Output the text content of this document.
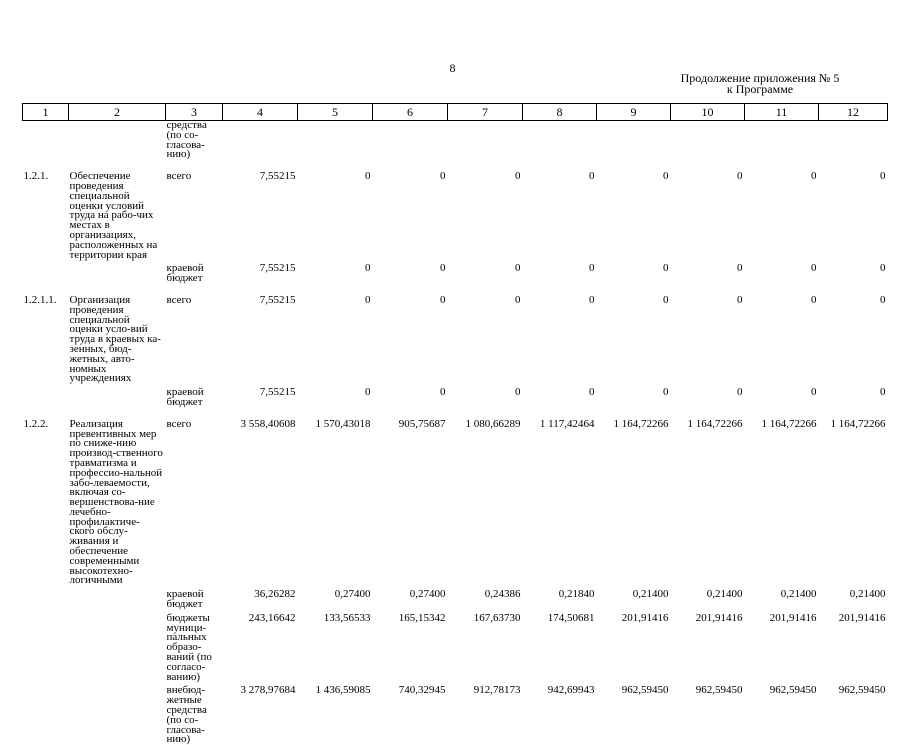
8
Продолжение приложения № 5
к Программе
1	2	3	4	5	6	7	8	9	10	11	12
		средства (по со-гласова-нию)									
1.2.1.	Обеспечение проведения специальной оценки условий труда на рабо-чих местах в организациях, расположенных на территории края	всего	7,55215	0	0	0	0	0	0	0	0
		краевой бюджет	7,55215	0	0	0	0	0	0	0	0
1.2.1.1.	Организация проведения специальной оценки усло-вий труда в краевых ка-зенных, бюд-жетных, авто-номных учреждениях	всего	7,55215	0	0	0	0	0	0	0	0
		краевой бюджет	7,55215	0	0	0	0	0	0	0	0
1.2.2.	Реализация превентивных мер по сниже-нию производ-ственного травматизма и профессио-нальной забо-леваемости, включая со-вершенствова-ние лечебно-профилактиче-ского обслу-живания и обеспечение современными высокотехно-логичными	всего	3 558,40608	1 570,43018	905,75687	1 080,66289	1 117,42464	1 164,72266	1 164,72266	1 164,72266	1 164,72266
		краевой бюджет	36,26282	0,27400	0,27400	0,24386	0,21840	0,21400	0,21400	0,21400	0,21400
		бюджеты муници-пальных образо-ваний (по согласо-ванию)	243,16642	133,56533	165,15342	167,63730	174,50681	201,91416	201,91416	201,91416	201,91416
		внебюд-жетные средства (по со-гласова-нию)	3 278,97684	1 436,59085	740,32945	912,78173	942,69943	962,59450	962,59450	962,59450	962,59450
